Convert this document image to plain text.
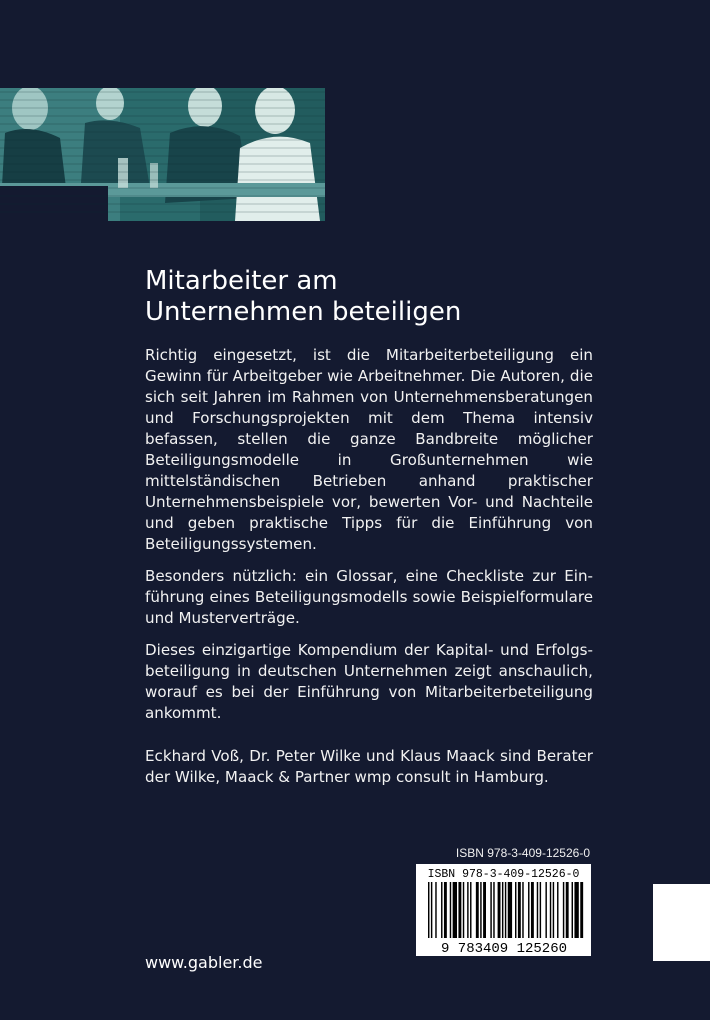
Mitarbeiter am
Unternehmen beteiligen

Richtig eingesetzt, ist die Mitarbeiterbeteiligung ein Gewinn für Arbeitgeber wie Arbeitnehmer. Die Autoren, die sich seit Jahren im Rahmen von Unternehmensberatungen und Forschungsprojekten mit dem Thema intensiv befassen, stellen die ganze Bandbreite möglicher Beteiligungsmodelle in Großunternehmen wie mittelständischen Betrieben anhand praktischer Unternehmensbeispiele vor, bewerten Vor- und Nachteile und geben praktische Tipps für die Einführung von Beteiligungssystemen.

Besonders nützlich: ein Glossar, eine Checkliste zur Einführung eines Beteiligungsmodells sowie Beispielformulare und Musterverträge.

Dieses einzigartige Kompendium der Kapital- und Erfolgsbeteiligung in deutschen Unternehmen zeigt anschaulich, worauf es bei der Einführung von Mitarbeiterbeteiligung ankommt.

Eckhard Voß, Dr. Peter Wilke und Klaus Maack sind Berater der Wilke, Maack & Partner wmp consult in Hamburg.

ISBN 978-3-409-12526-0
ISBN 978-3-409-12526-0
9 783409 125260
www.gabler.de
